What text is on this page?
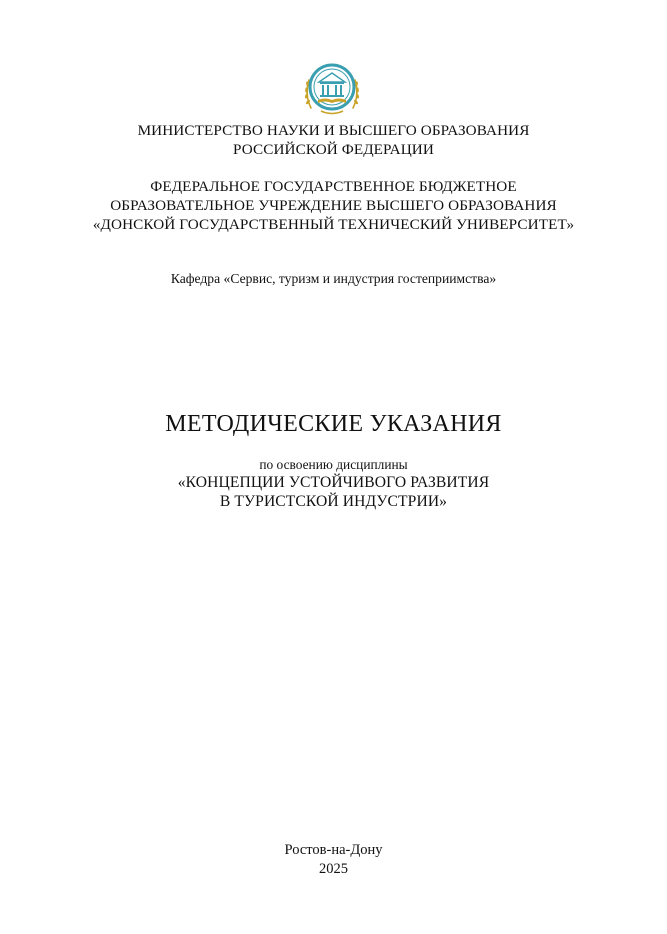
МИНИСТЕРСТВО НАУКИ И ВЫСШЕГО ОБРАЗОВАНИЯ
РОССИЙСКОЙ ФЕДЕРАЦИИ
ФЕДЕРАЛЬНОЕ ГОСУДАРСТВЕННОЕ БЮДЖЕТНОЕ
ОБРАЗОВАТЕЛЬНОЕ УЧРЕЖДЕНИЕ ВЫСШЕГО ОБРАЗОВАНИЯ
«ДОНСКОЙ ГОСУДАРСТВЕННЫЙ ТЕХНИЧЕСКИЙ УНИВЕРСИТЕТ»
Кафедра «Сервис, туризм и индустрия гостеприимства»
МЕТОДИЧЕСКИЕ УКАЗАНИЯ
по освоению дисциплины
«КОНЦЕПЦИИ УСТОЙЧИВОГО РАЗВИТИЯ
В ТУРИСТСКОЙ ИНДУСТРИИ»
Ростов-на-Дону
2025
